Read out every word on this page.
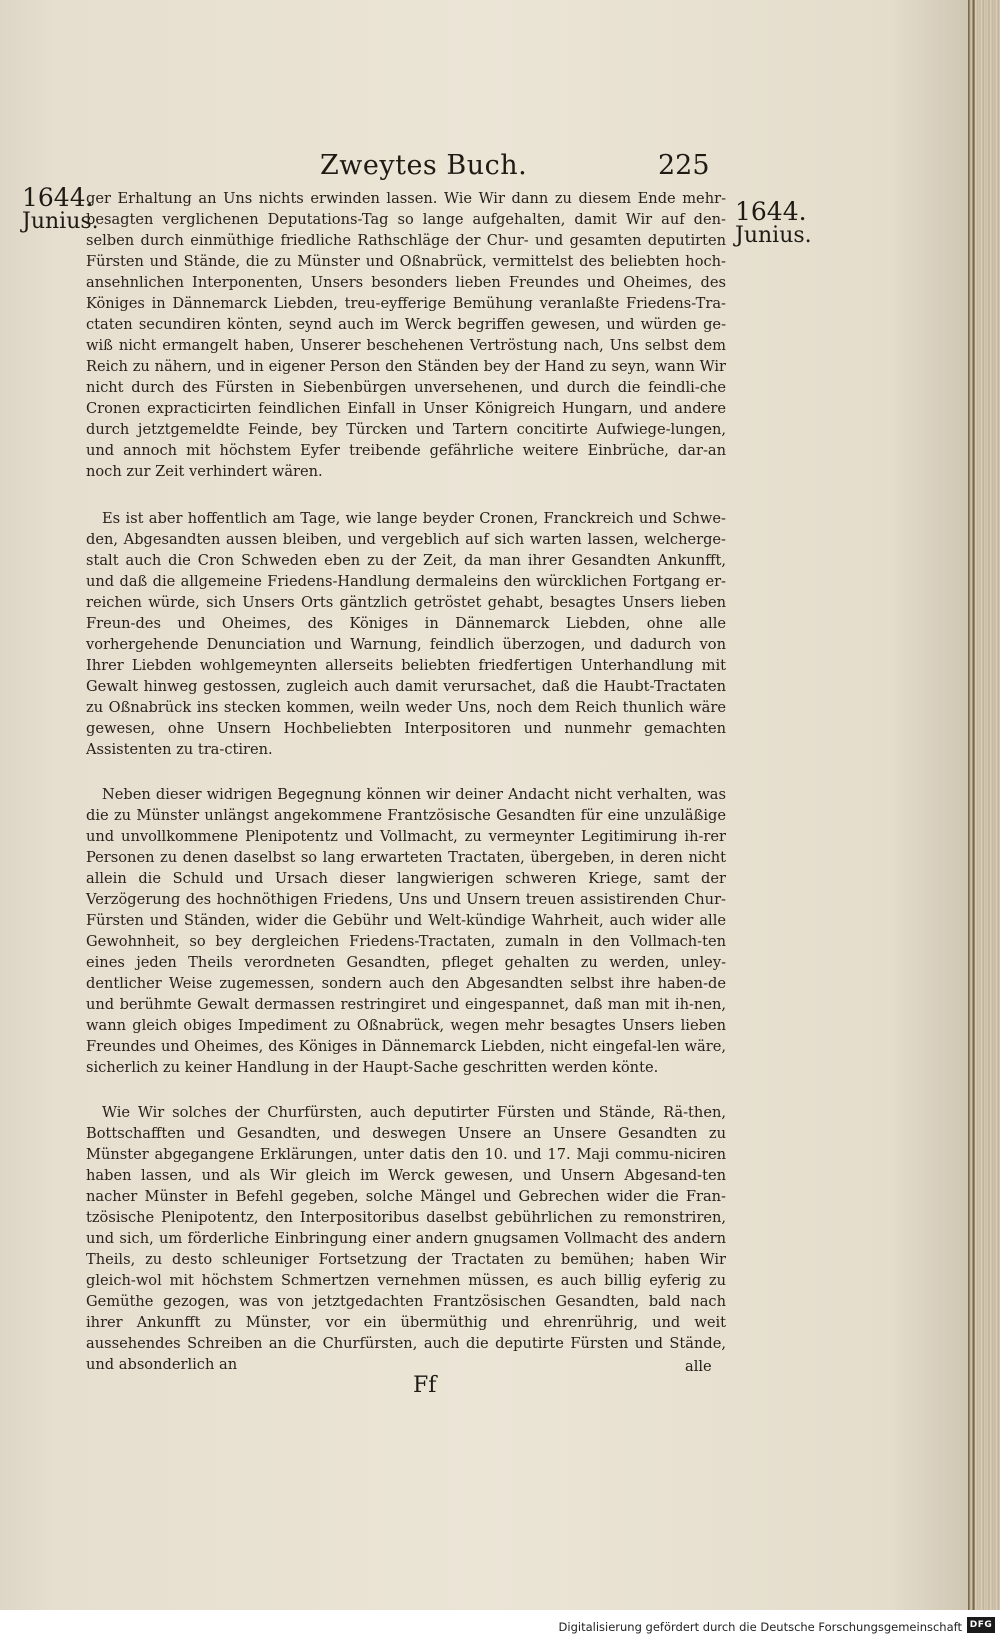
Zweytes Buch.	225
1644.
Junius.	1644.
Junius.

ger Erhaltung an Uns nichts erwinden lassen. Wie Wir dann zu diesem Ende mehr-besagten verglichenen Deputations-Tag so lange aufgehalten, damit Wir auf den-selben durch einmüthige friedliche Rathschläge der Chur- und gesamten deputirten Fürsten und Stände, die zu Münster und Oßnabrück, vermittelst des beliebten hoch-ansehnlichen Interponenten, Unsers besonders lieben Freundes und Oheimes, des Königes in Dännemarck Liebden, treu-eyfferige Bemühung veranlaßte Friedens-Tra-ctaten secundiren könten, seynd auch im Werck begriffen gewesen, und würden ge-wiß nicht ermangelt haben, Unserer beschehenen Vertröstung nach, Uns selbst dem Reich zu nähern, und in eigener Person den Ständen bey der Hand zu seyn, wann Wir nicht durch des Fürsten in Siebenbürgen unversehenen, und durch die feindli-che Cronen expracticirten feindlichen Einfall in Unser Königreich Hungarn, und andere durch jetztgemeldte Feinde, bey Türcken und Tartern concitirte Aufwiege-lungen, und annoch mit höchstem Eyfer treibende gefährliche weitere Einbrüche, dar-an noch zur Zeit verhindert wären.

Es ist aber hoffentlich am Tage, wie lange beyder Cronen, Franckreich und Schwe-den, Abgesandten aussen bleiben, und vergeblich auf sich warten lassen, welcherge-stalt auch die Cron Schweden eben zu der Zeit, da man ihrer Gesandten Ankunfft, und daß die allgemeine Friedens-Handlung dermaleins den würcklichen Fortgang er-reichen würde, sich Unsers Orts gäntzlich getröstet gehabt, besagtes Unsers lieben Freun-des und Oheimes, des Königes in Dännemarck Liebden, ohne alle vorhergehende Denunciation und Warnung, feindlich überzogen, und dadurch von Ihrer Liebden wohlgemeynten allerseits beliebten friedfertigen Unterhandlung mit Gewalt hinweg gestossen, zugleich auch damit verursachet, daß die Haubt-Tractaten zu Oßnabrück ins stecken kommen, weiln weder Uns, noch dem Reich thunlich wäre gewesen, ohne Unsern Hochbeliebten Interpositoren und nunmehr gemachten Assistenten zu tra-ctiren.

Neben dieser widrigen Begegnung können wir deiner Andacht nicht verhalten, was die zu Münster unlängst angekommene Frantzösische Gesandten für eine unzuläßige und unvollkommene Plenipotentz und Vollmacht, zu vermeynter Legitimirung ih-rer Personen zu denen daselbst so lang erwarteten Tractaten, übergeben, in deren nicht allein die Schuld und Ursach dieser langwierigen schweren Kriege, samt der Verzögerung des hochnöthigen Friedens, Uns und Unsern treuen assistirenden Chur-Fürsten und Ständen, wider die Gebühr und Welt-kündige Wahrheit, auch wider alle Gewohnheit, so bey dergleichen Friedens-Tractaten, zumaln in den Vollmach-ten eines jeden Theils verordneten Gesandten, pfleget gehalten zu werden, unley-dentlicher Weise zugemessen, sondern auch den Abgesandten selbst ihre haben-de und berühmte Gewalt dermassen restringiret und eingespannet, daß man mit ih-nen, wann gleich obiges Impediment zu Oßnabrück, wegen mehr besagtes Unsers lieben Freundes und Oheimes, des Königes in Dännemarck Liebden, nicht eingefal-len wäre, sicherlich zu keiner Handlung in der Haupt-Sache geschritten werden könte.

Wie Wir solches der Churfürsten, auch deputirter Fürsten und Stände, Rä-then, Bottschafften und Gesandten, und deswegen Unsere an Unsere Gesandten zu Münster abgegangene Erklärungen, unter datis den 10. und 17. Maji commu-niciren haben lassen, und als Wir gleich im Werck gewesen, und Unsern Abgesand-ten nacher Münster in Befehl gegeben, solche Mängel und Gebrechen wider die Fran-tzösische Plenipotentz, den Interpositoribus daselbst gebührlichen zu remonstriren, und sich, um förderliche Einbringung einer andern gnugsamen Vollmacht des andern Theils, zu desto schleuniger Fortsetzung der Tractaten zu bemühen; haben Wir gleich-wol mit höchstem Schmertzen vernehmen müssen, es auch billig eyferig zu Gemüthe gezogen, was von jetztgedachten Frantzösischen Gesandten, bald nach ihrer Ankunfft zu Münster, vor ein übermüthig und ehrenrührig, und weit aussehendes Schreiben an die Churfürsten, auch die deputirte Fürsten und Stände, und absonderlich an

Ff
alle
Digitalisierung gefördert durch die Deutsche Forschungsgemeinschaft DFG
